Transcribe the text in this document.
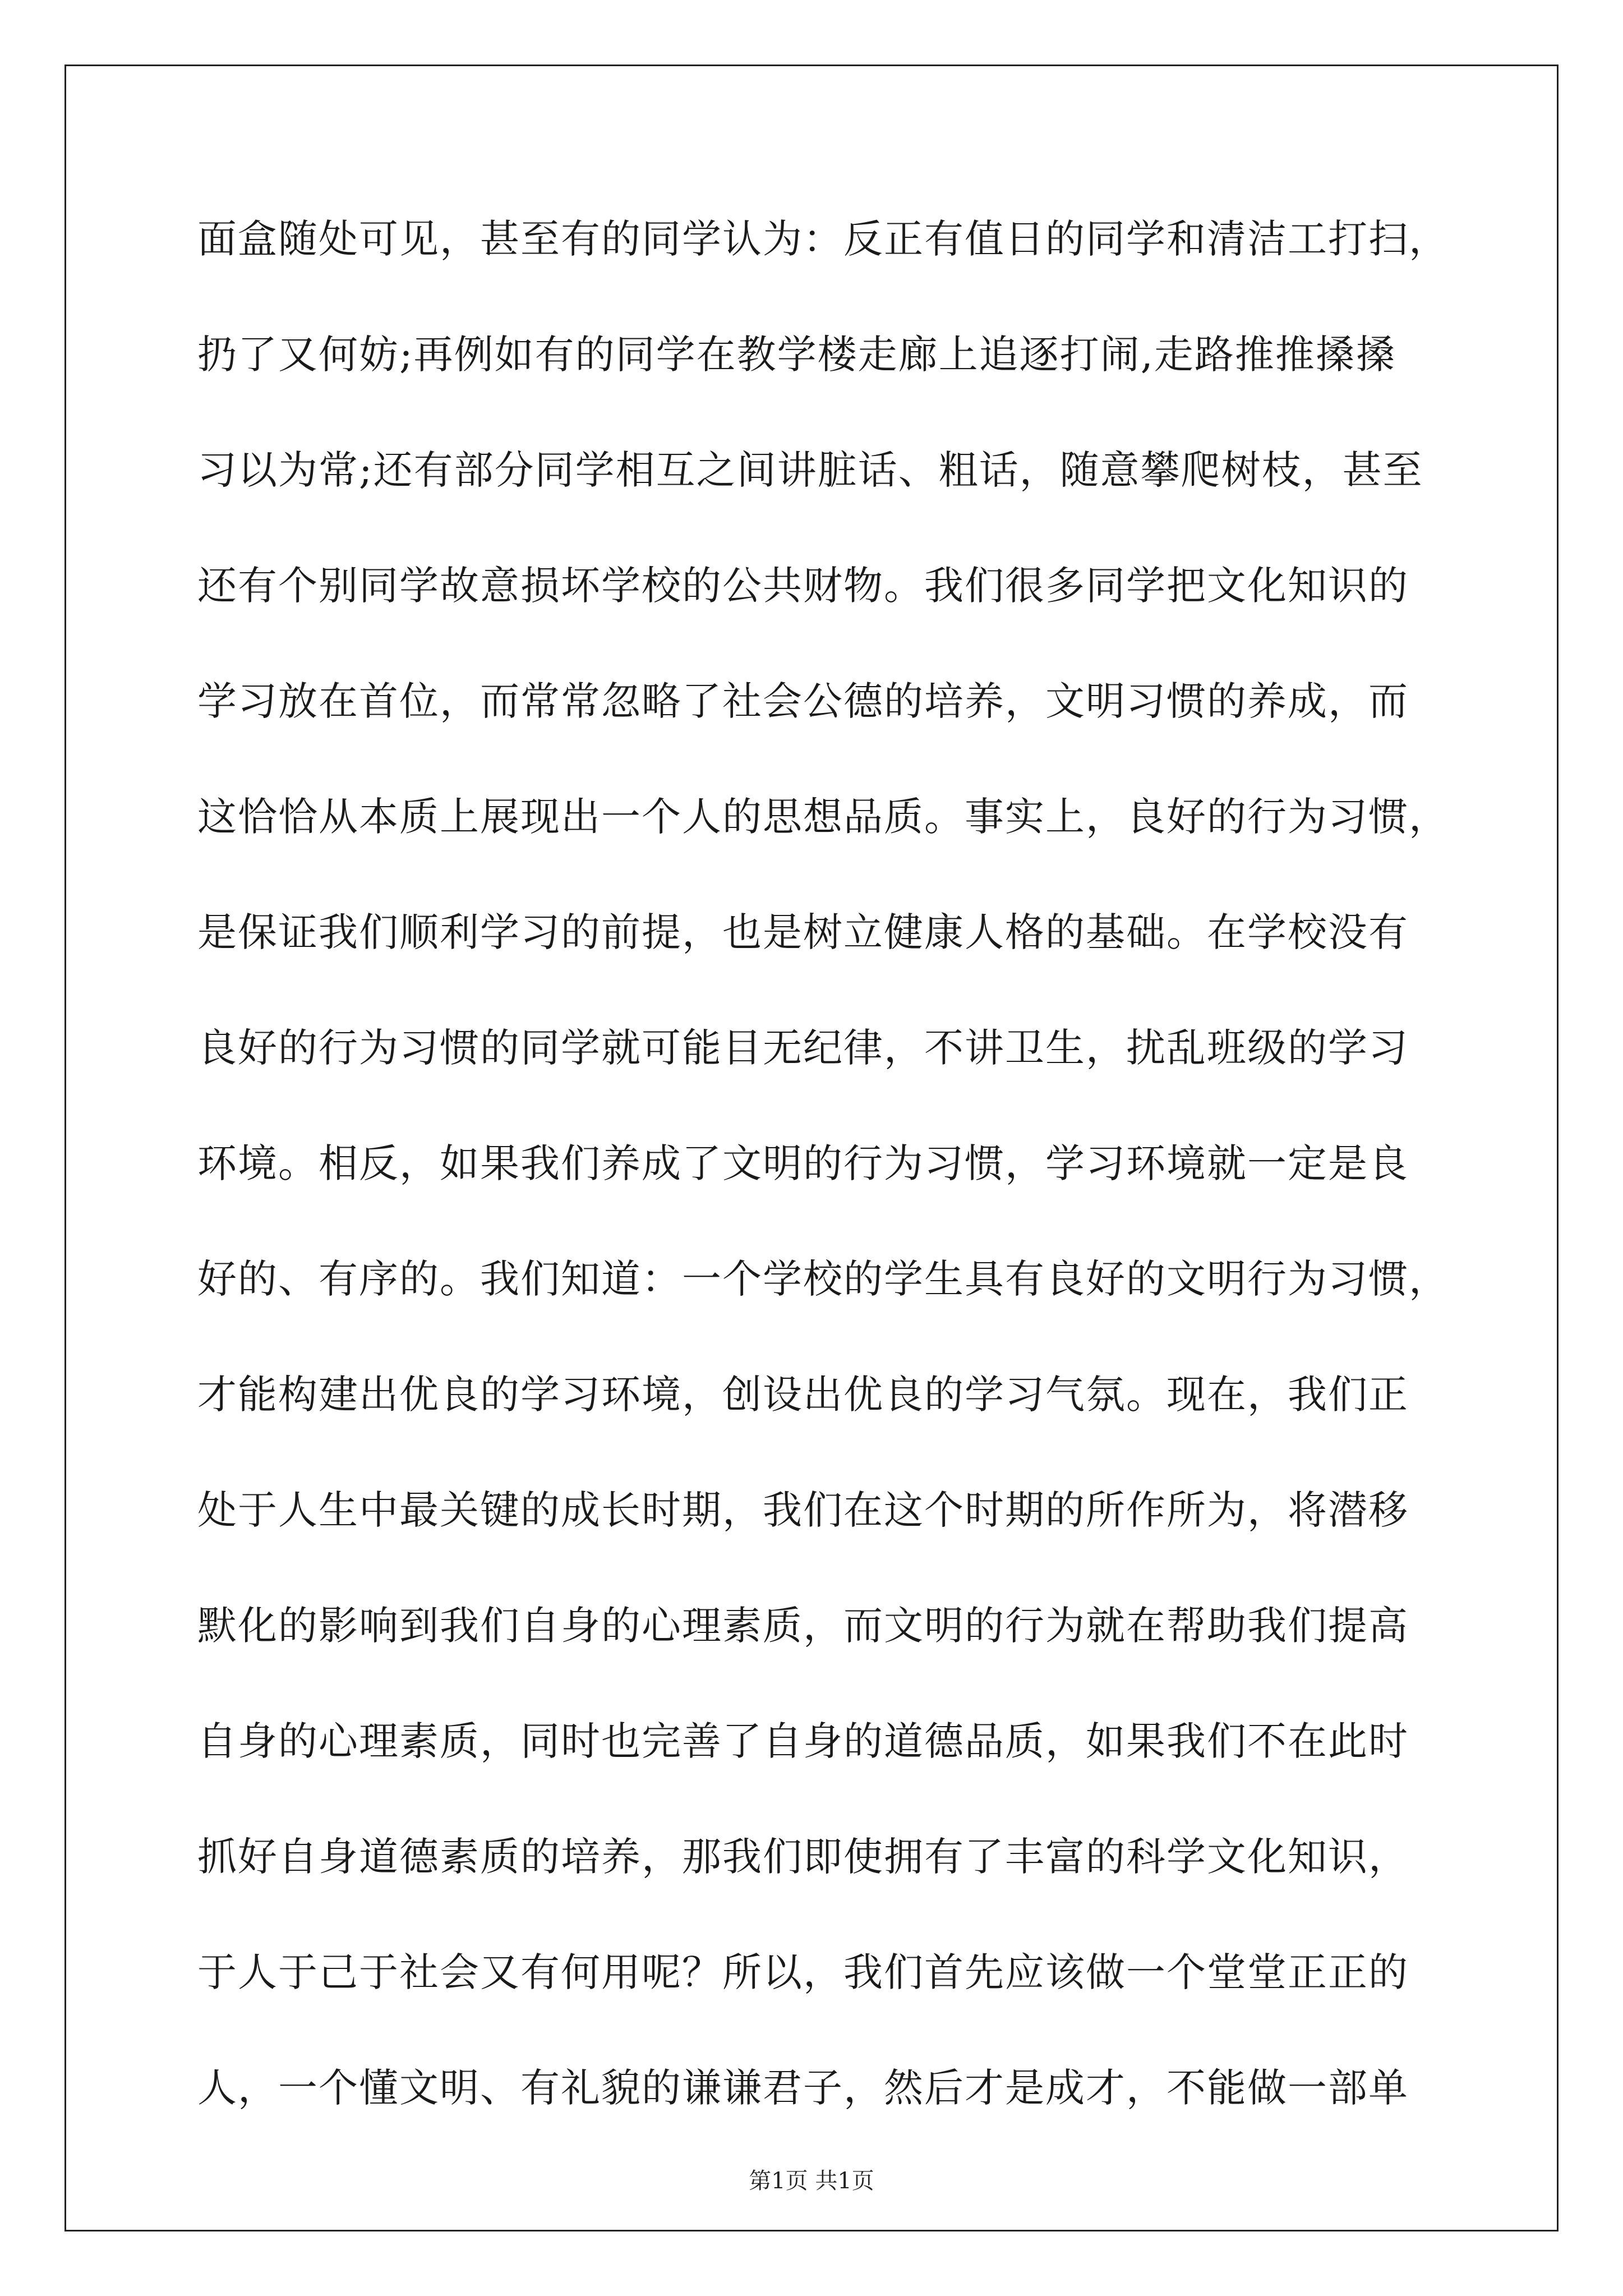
面盒随处可见，甚至有的同学认为：反正有值日的同学和清洁工打扫，
扔了又何妨;再例如有的同学在教学楼走廊上追逐打闹,走路推推搡搡
习以为常;还有部分同学相互之间讲脏话、粗话，随意攀爬树枝，甚至
还有个别同学故意损坏学校的公共财物。我们很多同学把文化知识的
学习放在首位，而常常忽略了社会公德的培养，文明习惯的养成，而
这恰恰从本质上展现出一个人的思想品质。事实上，良好的行为习惯，
是保证我们顺利学习的前提，也是树立健康人格的基础。在学校没有
良好的行为习惯的同学就可能目无纪律，不讲卫生，扰乱班级的学习
环境。相反，如果我们养成了文明的行为习惯，学习环境就一定是良
好的、有序的。我们知道：一个学校的学生具有良好的文明行为习惯，
才能构建出优良的学习环境，创设出优良的学习气氛。现在，我们正
处于人生中最关键的成长时期，我们在这个时期的所作所为，将潜移
默化的影响到我们自身的心理素质，而文明的行为就在帮助我们提高
自身的心理素质，同时也完善了自身的道德品质，如果我们不在此时
抓好自身道德素质的培养，那我们即使拥有了丰富的科学文化知识，
于人于己于社会又有何用呢？所以，我们首先应该做一个堂堂正正的
人，一个懂文明、有礼貌的谦谦君子，然后才是成才，不能做一部单
第1页 共1页
